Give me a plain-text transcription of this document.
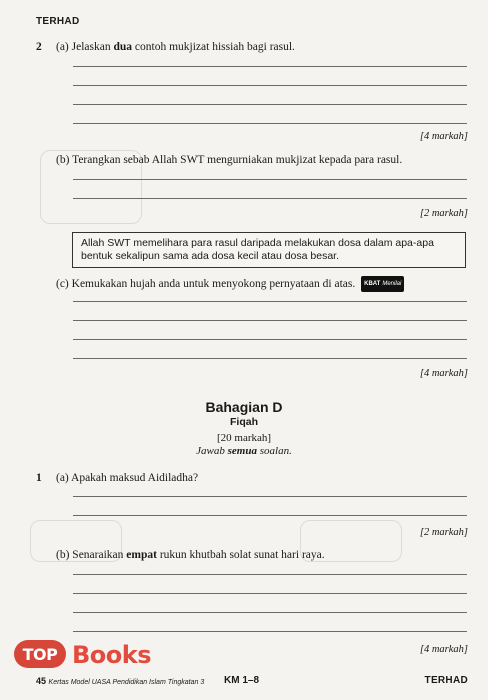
TERHAD
2 (a) Jelaskan dua contoh mukjizat hissiah bagi rasul.
[4 markah]
(b) Terangkan sebab Allah SWT mengurniakan mukjizat kepada para rasul.
[2 markah]
Allah SWT memelihara para rasul daripada melakukan dosa dalam apa-apa bentuk sekalipun sama ada dosa kecil atau dosa besar.
(c) Kemukakan hujah anda untuk menyokong pernyataan di atas. KBAT Menilai
[4 markah]
Bahagian D
Fiqah
[20 markah]
Jawab semua soalan.
1 (a) Apakah maksud Aidiladha?
[2 markah]
(b) Senaraikan empat rukun khutbah solat sunat hari raya.
[4 markah]
TOP Books
45 Kertas Model UASA Pendidikan Islam Tingkatan 3 KM 1–8	TERHAD
